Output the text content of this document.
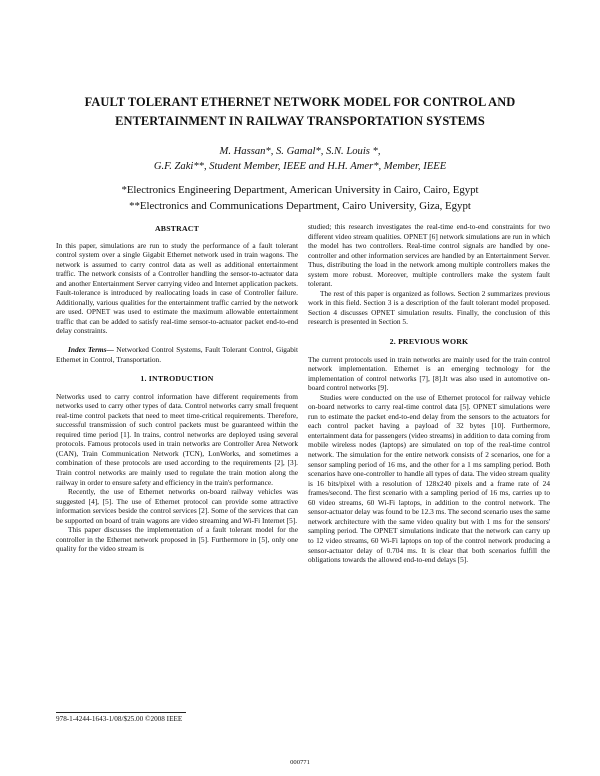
FAULT TOLERANT ETHERNET NETWORK MODEL FOR CONTROL AND
ENTERTAINMENT IN RAILWAY TRANSPORTATION SYSTEMS
M. Hassan*, S. Gamal*, S.N. Louis *,
G.F. Zaki**, Student Member, IEEE and H.H. Amer*, Member, IEEE
*Electronics Engineering Department, American University in Cairo, Cairo, Egypt
**Electronics and Communications Department, Cairo University, Giza, Egypt
ABSTRACT

In this paper, simulations are run to study the performance of a fault tolerant control system over a single Gigabit Ethernet network used in train wagons. The network is assumed to carry control data as well as additional entertainment traffic. The network consists of a Controller handling the sensor-to-actuator data and another Entertainment Server carrying video and Internet application packets. Fault-tolerance is introduced by reallocating loads in case of Controller failure. Additionally, various qualities for the entertainment traffic carried by the network are used. OPNET was used to estimate the maximum allowable entertainment traffic that can be added to satisfy real-time sensor-to-actuator packet end-to-end delay constraints.

Index Terms— Networked Control Systems, Fault Tolerant Control, Gigabit Ethernet in Control, Transportation.

1. INTRODUCTION

Networks used to carry control information have different requirements from networks used to carry other types of data. Control networks carry small frequent real-time control packets that need to meet time-critical requirements. Therefore, successful transmission of such control packets must be guaranteed within the required time period [1]. In trains, control networks are deployed using several protocols. Famous protocols used in train networks are Controller Area Network (CAN), Train Communication Network (TCN), LonWorks, and sometimes a combination of these protocols are used according to the requirements [2], [3]. Train control networks are mainly used to regulate the train motion along the railway in order to ensure safety and efficiency in the train's performance.

Recently, the use of Ethernet networks on-board railway vehicles was suggested [4], [5]. The use of Ethernet protocol can provide some attractive information services beside the control services [2]. Some of the services that can be supported on board of train wagons are video streaming and Wi-Fi Internet [5].

This paper discusses the implementation of a fault tolerant model for the controller in the Ethernet network proposed in [5]. Furthermore in [5], only one quality for the video stream is

studied; this research investigates the real-time end-to-end constraints for two different video stream qualities. OPNET [6] network simulations are run in which the model has two controllers. Real-time control signals are handled by one-controller and other information services are handled by an Entertainment Server. Thus, distributing the load in the network among multiple controllers makes the system more robust. Moreover, multiple controllers make the system fault tolerant.

The rest of this paper is organized as follows. Section 2 summarizes previous work in this field. Section 3 is a description of the fault tolerant model proposed. Section 4 discusses OPNET simulation results. Finally, the conclusion of this research is presented in Section 5.

2. PREVIOUS WORK

The current protocols used in train networks are mainly used for the train control network implementation. Ethernet is an emerging technology for the implementation of control networks [7], [8].It was also used in automotive on-board control networks [9].

Studies were conducted on the use of Ethernet protocol for railway vehicle on-board networks to carry real-time control data [5]. OPNET simulations were run to estimate the packet end-to-end delay from the sensors to the actuators for each control packet having a payload of 32 bytes [10]. Furthermore, entertainment data for passengers (video streams) in addition to data coming from mobile wireless nodes (laptops) are simulated on top of the real-time control network. The simulation for the entire network consists of 2 scenarios, one for a sensor sampling period of 16 ms, and the other for a 1 ms sampling period. Both scenarios have one-controller to handle all types of data. The video stream quality is 16 bits/pixel with a resolution of 128x240 pixels and a frame rate of 24 frames/second. The first scenario with a sampling period of 16 ms, carries up to 60 video streams, 60 Wi-Fi laptops, in addition to the control network. The sensor-actuator delay was found to be 12.3 ms. The second scenario uses the same network architecture with the same video quality but with 1 ms for the sensors' sampling period. The OPNET simulations indicate that the network can carry up to 12 video streams, 60 Wi-Fi laptops on top of the control network producing a sensor-actuator delay of 0.704 ms. It is clear that both scenarios fulfill the obligations towards the allowed end-to-end delays [5].

978-1-4244-1643-1/08/$25.00 ©2008 IEEE
000771
